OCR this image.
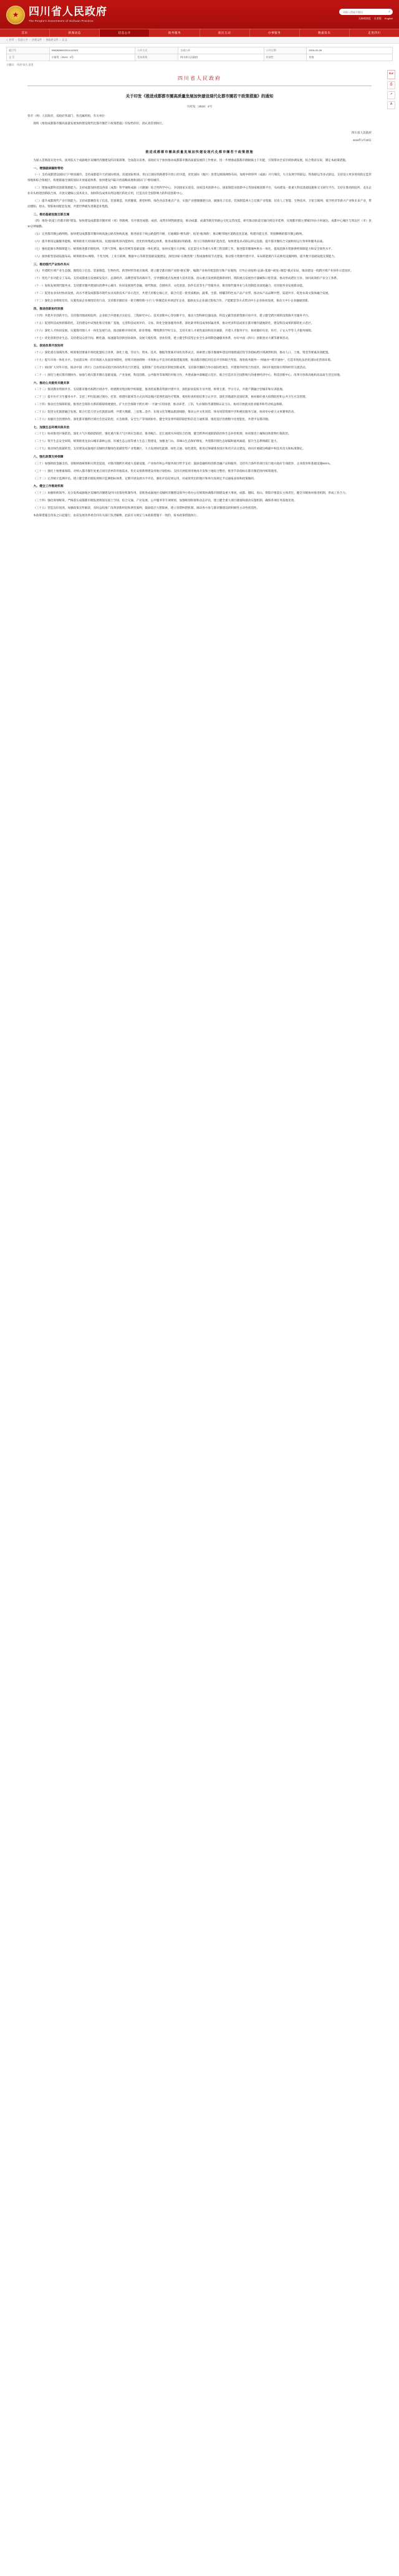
★
四川省人民政府
The People's Government of Sichuan Province
请输入搜索关键词
⌕
无障碍浏览 长者版 English
首页	新闻动态	信息公开	政务服务	政民互动	办事服务	数据发布	走进四川
⌂ 首页 > 信息公开 > 法规文件 > 省政府文件 > 正文
索引号	008282882/2024-00023	公开方式	主动公开	公开日期	2024-02-28
文 号	川府发〔2024〕4号	发布机构	四川省人民政府	有效性	有效
主题词： 经济 综合 意见
PDF
⎙
↗
A
四川省人民政府
关于印发《推进成都都市圈高质量发展加快建设现代化都市圈若干政策措施》的通知
川府发〔2024〕4号

各市（州）人民政府，省政府各部门、各直属机构，有关单位：

现将《推进成都都市圈高质量发展加快建设现代化都市圈若干政策措施》印发给你们，请认真贯彻执行。

四川省人民政府

2024年2月28日

推进成都都市圈高质量发展加快建设现代化都市圈若干政策措施

为深入贯彻落实党中央、国务院关于成渝地区双城经济圈建设的决策部署，全面落实省委、省政府关于加快推动成都都市圈高质量发展的工作要求，进一步增强成都都市圈极核主干功能，引领带动全省区域协调发展，结合我省实际，制定本政策措施。

一、增强极核辐射带动

（一）支持成都建设国际门户枢纽城市。支持成都提升天府国际机场、双流国际机场、青白江国际铁路港等开放口岸功能，优化国际（地区）客货运航线网络布局，加密中欧班列（成渝）开行频次，大力发展空铁联运、铁海联运等多式联运，支持设立更多进境指定监管场地和综合保税区，构建联通全球的国际开放通道体系，加快建设内陆开放战略高地和国际门户枢纽城市。

（二）增强成都科技创新策源能力。支持成都加快建设西部（成都）科学城和成渝（兴隆湖）综合性科学中心，争创国家实验室、国家技术创新中心、国家制造业创新中心等国家级创新平台，布局建设一批重大科技基础设施和交叉研究平台，支持在蓉高校院所、龙头企业牵头组建创新联合体，开展关键核心技术攻关，加快科技成果向周边地区转化应用，打造具有全国影响力的科技创新中心。

（三）提升成都现代产业引领能力。支持成都聚焦电子信息、装备制造、医药健康、新型材料、绿色食品等重点产业，实施产业建圈强链行动，做强电子信息、装备制造两大万亿级产业集群，培育人工智能、生物技术、卫星互联网、低空经济等新兴产业和未来产业，带动德阳、眉山、资阳协同配套发展，共建世界级先进制造业集群。

二、推动基础设施互联互通

（四）推进“轨道上的都市圈”建设。加快建设成都都市圈市域（郊）铁路网，有序推进成德、成眉、成资市域铁路建设，推动成灌、成蒲等既有铁路公交化运营改造，研究推动轨道交通向周边市延伸，实现都市圈主要城市间1小时通达、成都中心城区与周边区（市）县30分钟通勤。

（五）完善都市圈公路网络。加快建设成都都市圈环线高速公路及射线高速，推进国省干线公路提档升级，打通城际“断头路”、拓宽“瓶颈路”，推动毗邻地区道路直连直通，构建功能完善、衔接顺畅的都市圈公路网。

（六）提升枢纽运输服务能级。统筹推进天府国际机场、双流国际机场功能协同，优化机场集疏运体系，推进成都国际铁路港、青白江铁路枢纽扩能改造，加快建设多式联运转运设施，提升都市圈综合交通枢纽运行效率和服务品质。

（七）强化能源水利保障能力。统筹推进都市圈电网、天然气管网、输水管网等基础设施一体化建设，加快实施引大济岷、长征渠引水等重大水利工程前期工作，推进都市圈城乡供水一体化，提高能源水资源供给保障能力和安全韧性水平。

（八）加快新型基础设施布局。统筹推进5G网络、千兆光网、工业互联网、数据中心等新型基础设施建设，深化国家“东数西算”工程成渝枢纽节点建设，推动算力资源共建共享，布局新能源汽车充换电设施网络，提升数字基础设施支撑能力。

三、推动现代产业协作共兴

（九）共建跨区域产业生态圈。围绕电子信息、装备制造、生物医药、新型材料等重点领域，建立健全都市圈产业链“链长制”，编制产业协作配套指引和产业地图，引导企业按照“总部+基地”“研发+制造”模式布局，推动建设一批跨区域产业协作示范园区。

（十）优化产业功能分工布局。支持成都重点发展研发设计、总部经济、品牌营销等高端环节，引导德阳重点发展重大技术装备、眉山重点发展新能源新材料、资阳重点发展医疗器械和口腔装备，推动形成错位互补、协同高效的产业分工体系。

（十一）加快发展现代服务业。支持都市圈共建国际消费中心城市，协同发展现代金融、现代物流、会展经济、文化创意、软件信息等生产性服务业，推进现代服务业与先进制造业深度融合，培育服务业发展新动能。

（十二）促进农业农村协同发展。高水平建设成都都市现代农业高新技术产业示范区，共建天府粮仓核心区，联合打造一批优质粮油、蔬菜、生猪、柑橘等特色农产品产业带，推动农产品品牌共塑、渠道共享，促进农商文旅体融合发展。

（十三）强化企业梯度培育。实施优质企业梯度培育行动，支持都市圈培育一批专精特新“小巨人”和制造业单项冠军企业，鼓励龙头企业通过股权合作、产能配套等方式带动中小企业协同发展，推动大中小企业融通创新。

四、推进创新协同发展

（十四）共建共享创新平台。支持都市圈高校院所、企业联合共建重点实验室、工程研究中心、技术创新中心等创新平台，推动大型科研仪器设备、科技文献等创新资源开放共享，建立健全跨区域科技资源共享服务平台。

（十五）促进科技成果转移转化。支持建设中试熟化和应用推广基地，完善科技成果评价、交易、转化全链条服务体系，深化职务科技成果权属改革，推动更多科技成果在都市圈内就地转化，建设科技成果转移转化示范区。

（十六）深化人才协同发展。实施都市圈人才一体化发展行动，推动职称评审结果、职业资格、继续教育学时互认，支持开展人才柔性流动和双向兼职，共建人才服务平台，协同做好住房、医疗、子女入学等人才服务保障。

（十七）优化创新创业生态。支持建设众创空间、孵化器、加速器等创新创业载体，发展天使投资、创业投资，建立健全科技型企业全生命周期金融服务体系，办好中国（四川）创新创业大赛等赛事活动。

五、促进改革开放协同

（十八）深化重点领域改革。统筹推进要素市场化配置综合改革，深化土地、劳动力、资本、技术、数据等要素市场化改革试点，探索建立都市圈城乡建设用地增减挂钩节余指标跨区域调剂机制，推动人口、土地、资金等要素高效配置。

（十九）提升市场一体化水平。全面落实统一的市场准入负面清单制度，持续开展妨碍统一市场和公平竞争的政策措施清理，推动都市圈信用信息共享和联合奖惩，推进政务服务“一网通办”“跨市通办”，打造市场化法治化国际化营商环境。

（二十）协同扩大对外开放。推动中国（四川）自由贸易试验区协同改革先行区建设，复制推广自贸试验区制度创新成果，支持都市圈联合举办国际性展会，共建境外经贸合作园区，协同开展招商引资和经贸交流活动。

（二十一）深化与重庆都市圈协作。加强与重庆都市圈在基础设施、产业发展、科技创新、公共服务等领域的对接合作，共建成渝中部崛起示范区，联合打造具有全国影响力的重要经济中心、科技创新中心、改革开放新高地和高品质生活宜居地。

六、推动公共服务共建共享

（二十二）推进教育资源共享。支持都市圈名校跨区域办学、组建教育集团和学校联盟，推进优质教育资源共建共享，深化职业院校专业共建、师资互派、学分互认，共建产教融合型城市和实训基地。

（二十三）提升医疗卫生服务水平。支持三甲医院通过领办、托管、组建医联体等方式向周边地区延伸优质医疗资源，推进检查检验结果互认共享，深化异地就医直接结算，协同做好重大疫情防控和公共卫生应急管理。

（二十四）推动社会保障衔接。推进社会保险关系转移接续便捷化，扩大社会保障卡跨区域“一卡通”应用场景，推动养老、工伤、失业保险待遇资格认证互认，协同开展就业创业服务和劳动权益保障。

（二十五）促进文化旅游融合发展。联合打造天府文化旅游品牌，共建大熊猫、三星堆—金沙、东坡文化等精品旅游线路，推动公共文化场馆、体育场馆资源共享和惠民服务互通，协同举办重大文体赛事活动。

（二十六）加强社会治理协作。深化都市圈跨区域社会治安防控、应急救援、安全生产等领域协作，健全突发事件联防联控和信息互通机制，推进基层治理数字化智能化，共建平安都市圈。

七、加强生态环境共保共治

（二十七）协同推进污染防治。深化大气污染联防联控，强化重污染天气区域应急联动，推进岷江、沱江流域水环境综合治理，健全跨界河流联防联治和生态补偿机制，协同推进土壤和固体废物污染防治。

（二十八）筑牢生态安全屏障。统筹推进龙泉山城市森林公园、环城生态公园等重大生态工程建设，加强龙门山、邛崃山生态保护修复，共建都市圈生态绿隔和通风廊道，提升生态系统碳汇能力。

（二十九）推动绿色低碳转型。支持建设成渝地区双城经济圈绿色低碳优势产业集聚区，大力发展绿色能源、绿色交通、绿色建筑，推进近零碳排放园区和社区试点建设，协同开展碳达峰碳中和技术攻关和标准制定。

八、强化政策支持保障

（三十）加强财政金融支持。省级财政统筹相关资金渠道，对都市圈跨区域重大基础设施、产业协作和公共服务项目给予支持；鼓励金融机构创新金融产品和服务，支持符合条件的项目发行地方政府专项债券、企业债券和基础设施REITs。

（三十一）强化土地要素保障。对纳入都市圈年度重点项目清单的用地需求，优先安排新增建设用地计划指标；支持开展低效用地再开发和土地综合整治，推进节余指标在都市圈范围内统筹使用。

（三十二）完善统计监测评估。建立健全都市圈发展统计监测指标体系，定期开展发展水平评估，强化评估结果运用，对成效突出的地区和单位按规定予以通报表扬和政策倾斜。

九、健全工作推进机制

（三十三）加强组织领导。充分发挥成渝地区双城经济圈建设四川省推进机制作用，省推进成渝地区双城经济圈建设领导小组办公室统筹协调都市圈建设重大事项，成都、德阳、眉山、资阳市要落实主体责任，健全市级协同推进机制，形成工作合力。

（三十四）强化规划统筹。严格落实成都都市圈发展规划及国土空间、综合交通、产业发展、公共服务等专项规划，加强规划衔接和动态评估，建立健全重大项目储备和滚动实施机制，确保各项任务落地见效。

（三十五）营造良好氛围。加强政策宣传解读，及时总结推广改革创新经验和典型案例，鼓励基层大胆探索，建立容错纠错机制，调动各方参与都市圈建设的积极性主动性创造性。

本政策措施自印发之日起施行，由省发展改革委会同有关部门负责解释。此前有关规定与本政策措施不一致的，按本政策措施执行。
